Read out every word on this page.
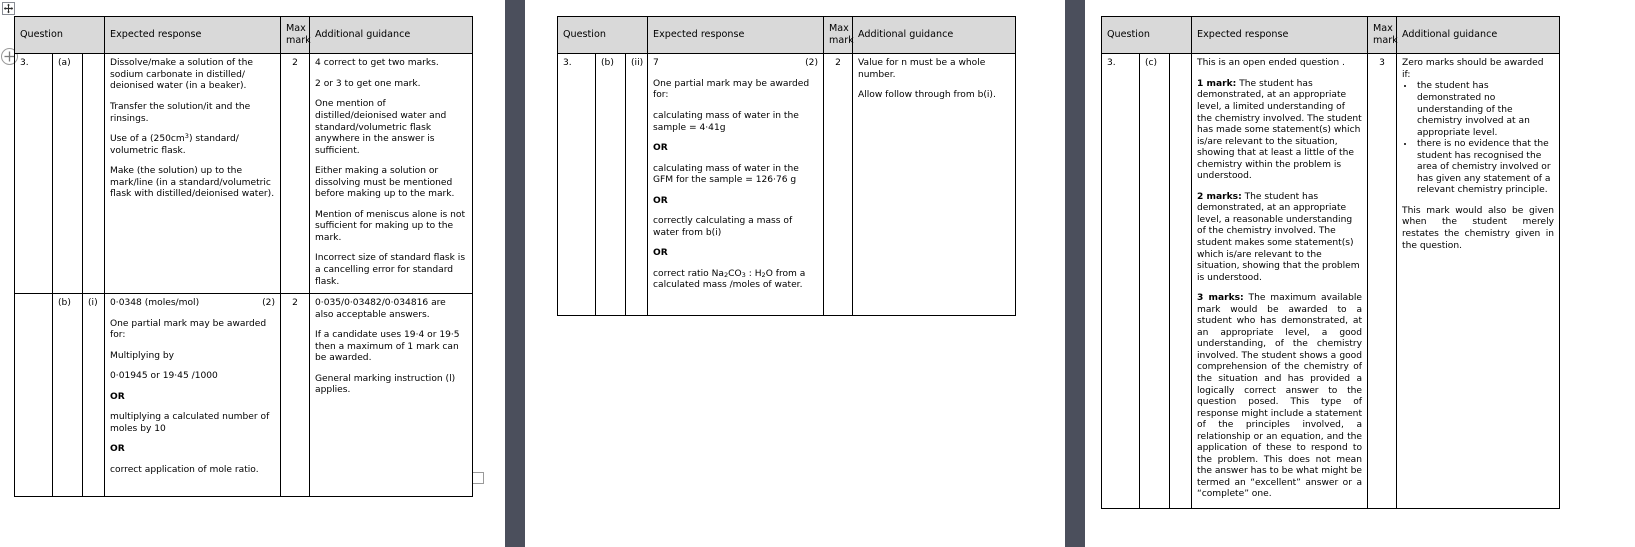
Question			Expected response	Max
mark	Additional guidance
3.	(a)		Dissolve/make a solution of the sodium carbonate in distilled/ deionised water (in a beaker).

Transfer the solution/it and the rinsings.

Use of a $(250cm^3)$ standard/ volumetric flask.

Make (the solution) up to the mark/line (in a standard/volumetric flask with distilled/deionised water).

	2	4 correct to get two marks.

2 or 3 to get one mark.

One mention of distilled/deionised water and standard/volumetric flask anywhere in the answer is sufficient.

Either making a solution or dissolving must be mentioned before making up to the mark.

Mention of meniscus alone is not sufficient for making up to the mark.

Incorrect size of standard flask is a cancelling error for standard flask.

	(b)	(i)	0·0348 (moles/mol)	(2)

One partial mark may be awarded for:

Multiplying by

0·01945 or 19·45 /1000

OR

multiplying a calculated number of moles by 10

OR

correct application of mole ratio.

	2	0·035/0·03482/0·034816 are also acceptable answers.

If a candidate uses 19·4 or 19·5 then a maximum of 1 mark can be awarded.

General marking instruction (l) applies.

Question			Expected response	Max
mark	Additional guidance
3.	(b)	(ii)	7	(2)

One partial mark may be awarded for:

calculating mass of water in the sample = 4·41g

OR

calculating mass of water in the GFM for the sample = 126·76 g

OR

correctly calculating a mass of water from b(i)

OR

correct ratio $Na_2CO_3$ : $H_2O$ from a calculated mass /moles of water.

	2	Value for n must be a whole number.

Allow follow through from b(i).

Question			Expected response	Max
mark	Additional guidance
3.	(c)		This is an open ended question .

1 mark: The student has demonstrated, at an appropriate level, a limited understanding of the chemistry involved. The student has made some statement(s) which is/are relevant to the situation, showing that at least a little of the chemistry within the problem is understood.

2 marks: The student has demonstrated, at an appropriate level, a reasonable understanding of the chemistry involved. The student makes some statement(s) which is/are relevant to the situation, showing that the problem is understood.

3 marks: The maximum available mark would be awarded to a student who has demonstrated, at an appropriate level, a good understanding, of the chemistry involved. The student shows a good comprehension of the chemistry of the situation and has provided a logically correct answer to the question posed. This type of response might include a statement of the principles involved, a relationship or an equation, and the application of these to respond to the problem. This does not mean the answer has to be what might be termed an “excellent” answer or a “complete” one.

	3	Zero marks should be awarded if:

• the student has demonstrated no understanding of the chemistry involved at an appropriate level.
• there is no evidence that the student has recognised the area of chemistry involved or has given any statement of a relevant chemistry principle.

This mark would also be given when the student merely restates the chemistry given in the question.
